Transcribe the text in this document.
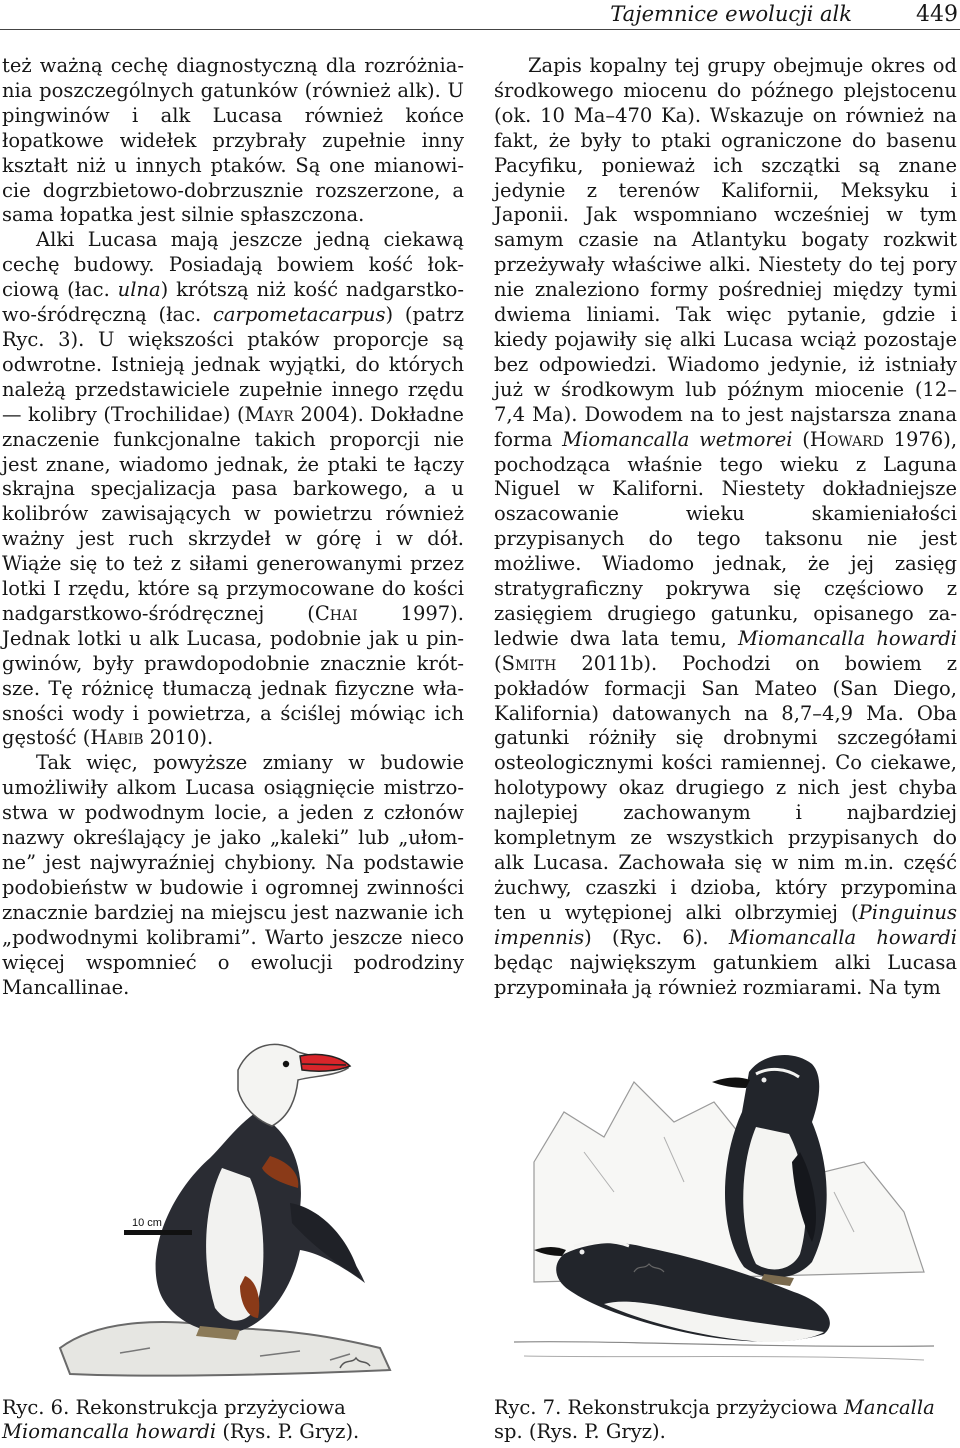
Tajemnice ewolucji alk	449

też ważną cechę diagnostyczną dla rozróżniania poszczególnych gatunków (również alk). U pingwinów i alk Lucasa również końce łopatkowe widełek przybrały zupełnie inny kształt niż u innych ptaków. Są one mianowicie dogrzbietowo-dobrzusznie rozszerzone, a sama łopatka jest silnie spłaszczona.

Alki Lucasa mają jeszcze jedną ciekawą cechę budowy. Posiadają bowiem kość łokciową (łac. ulna) krótszą niż kość nadgarstkowo-śródręczną (łac. carpometacarpus) (patrz Ryc. 3). U większości ptaków proporcje są odwrotne. Istnieją jednak wyjątki, do których należą przedstawiciele zupełnie innego rzędu — kolibry (Trochilidae) (Mayr 2004). Dokładne znaczenie funkcjonalne takich proporcji nie jest znane, wiadomo jednak, że ptaki te łączy skrajna specjalizacja pasa barkowego, a u kolibrów zawisających w powietrzu również ważny jest ruch skrzydeł w górę i w dół. Wiąże się to też z siłami generowanymi przez lotki I rzędu, które są przymocowane do kości nadgarstkowo-śródręcznej (Chai 1997). Jednak lotki u alk Lucasa, podobnie jak u pingwinów, były prawdopodobnie znacznie krótsze. Tę różnicę tłumaczą jednak fizyczne własności wody i powietrza, a ściślej mówiąc ich gęstość (Habib 2010).

Tak więc, powyższe zmiany w budowie umożliwiły alkom Lucasa osiągnięcie mistrzostwa w podwodnym locie, a jeden z członów nazwy określający je jako „kaleki” lub „ułomne” jest najwyraźniej chybiony. Na podstawie podobieństw w budowie i ogromnej zwinności znacznie bardziej na miejscu jest nazwanie ich „podwodnymi kolibrami”. Warto jeszcze nieco więcej wspomnieć o ewolucji podrodziny Mancallinae.

Zapis kopalny tej grupy obejmuje okres od środkowego miocenu do późnego plejstocenu (ok. 10 Ma–470 Ka). Wskazuje on również na fakt, że były to ptaki ograniczone do basenu Pacyfiku, ponieważ ich szczątki są znane jedynie z terenów Kalifornii, Meksyku i Japonii. Jak wspomniano wcześniej w tym samym czasie na Atlantyku bogaty rozkwit przeżywały właściwe alki. Niestety do tej pory nie znaleziono formy pośredniej między tymi dwiema liniami. Tak więc pytanie, gdzie i kiedy pojawiły się alki Lucasa wciąż pozostaje bez odpowiedzi. Wiadomo jedynie, iż istniały już w środkowym lub późnym miocenie (12–7,4 Ma). Dowodem na to jest najstarsza znana forma Miomancalla wetmorei (Howard 1976), pochodząca właśnie tego wieku z Laguna Niguel w Kaliforni. Niestety dokładniejsze oszacowanie wieku skamieniałości przypisanych do tego taksonu nie jest możliwe. Wiadomo jednak, że jej zasięg stratygraficzny pokrywa się częściowo z zasięgiem drugiego gatunku, opisanego zaledwie dwa lata temu, Miomancalla howardi (Smith 2011b). Pochodzi on bowiem z pokładów formacji San Mateo (San Diego, Kalifornia) datowanych na 8,7–4,9 Ma. Oba gatunki różniły się drobnymi szczegółami osteologicznymi kości ramiennej. Co ciekawe, holotypowy okaz drugiego z nich jest chyba najlepiej zachowanym i najbardziej kompletnym ze wszystkich przypisanych do alk Lucasa. Zachowała się w nim m.in. część żuchwy, czaszki i dzioba, który przypomina ten u wytępionej alki olbrzymiej (Pinguinus impennis) (Ryc. 6). Miomancalla howardi będąc największym gatunkiem alki Lucasa przypominała ją również rozmiarami. Na tym

10 cm
Ryc. 6. Rekonstrukcja przyżyciowa Miomancalla howardi (Rys. P. Gryz).
Ryc. 7. Rekonstrukcja przyżyciowa Mancalla sp. (Rys. P. Gryz).
